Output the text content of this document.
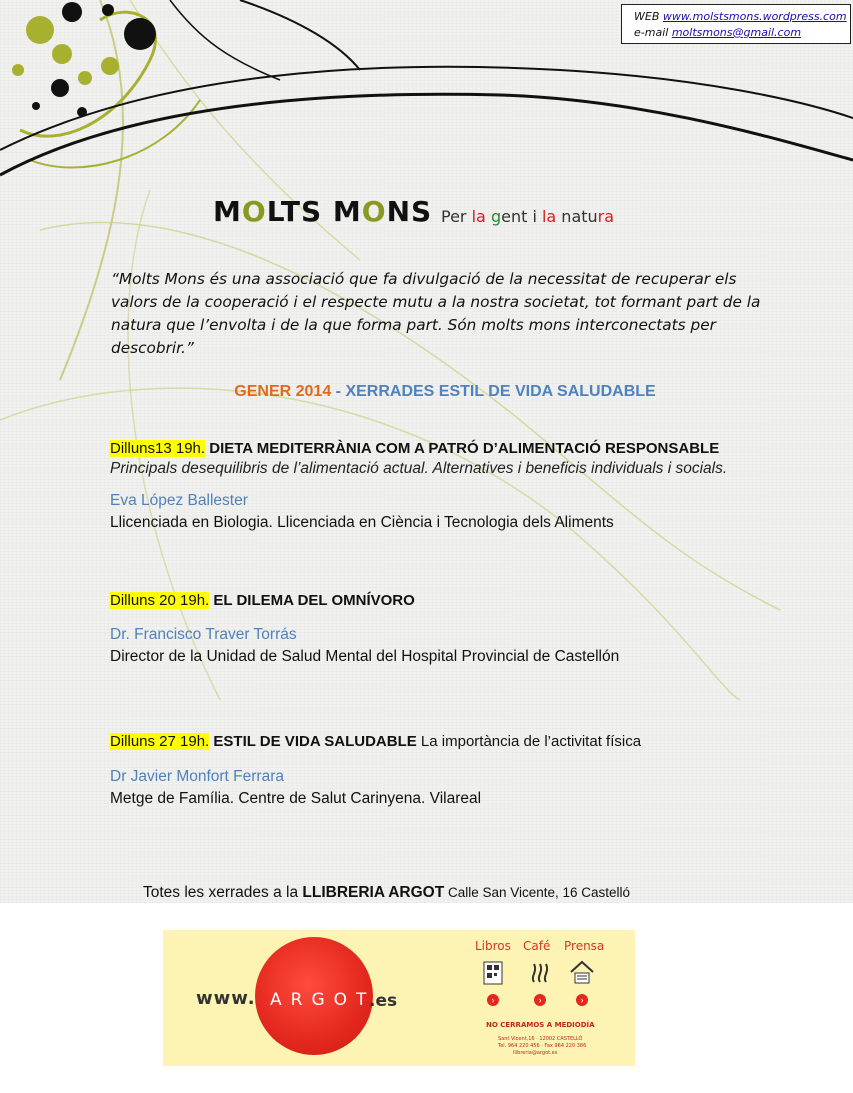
WEB www.molstsmons.wordpress.com
e-mail moltsmons@gmail.com
MOLTS MONS Per la gent i la natura
“Molts Mons és una associació que fa divulgació de la necessitat de recuperar els valors de la cooperació i el respecte mutu a la nostra societat, tot formant part de la natura que l’envolta i de la que forma part. Són molts mons interconectats per descobrir.”
GENER 2014 - XERRADES ESTIL DE VIDA SALUDABLE
Dilluns13 19h. DIETA MEDITERRÀNIA COM A PATRÓ D’ALIMENTACIÓ RESPONSABLE
Principals desequilibris de l’alimentació actual. Alternatives i beneficis individuals i socials.
Eva López Ballester
Llicenciada en Biologia. Llicenciada en Ciència i Tecnologia dels Aliments
Dilluns 20 19h. EL DILEMA DEL OMNÍVORO
Dr. Francisco Traver Torrás
Director de la Unidad de Salud Mental del Hospital Provincial de Castellón
Dilluns 27 19h. ESTIL DE VIDA SALUDABLE La importància de l’activitat física
Dr Javier Monfort Ferrara
Metge de Família. Centre de Salut Carinyena. Vilareal
Totes les xerrades a la LLIBRERIA ARGOT Calle San Vicente, 16 Castelló
www. ARGOT
.es
Libros Café Prensa
›	›	›
NO CERRAMOS A MEDIODÍA
Sant Vicent,16 · 12002 CASTELLÓ
Tel. 964 220 456 · Fax 964 220 386
llibreria@argot.es
